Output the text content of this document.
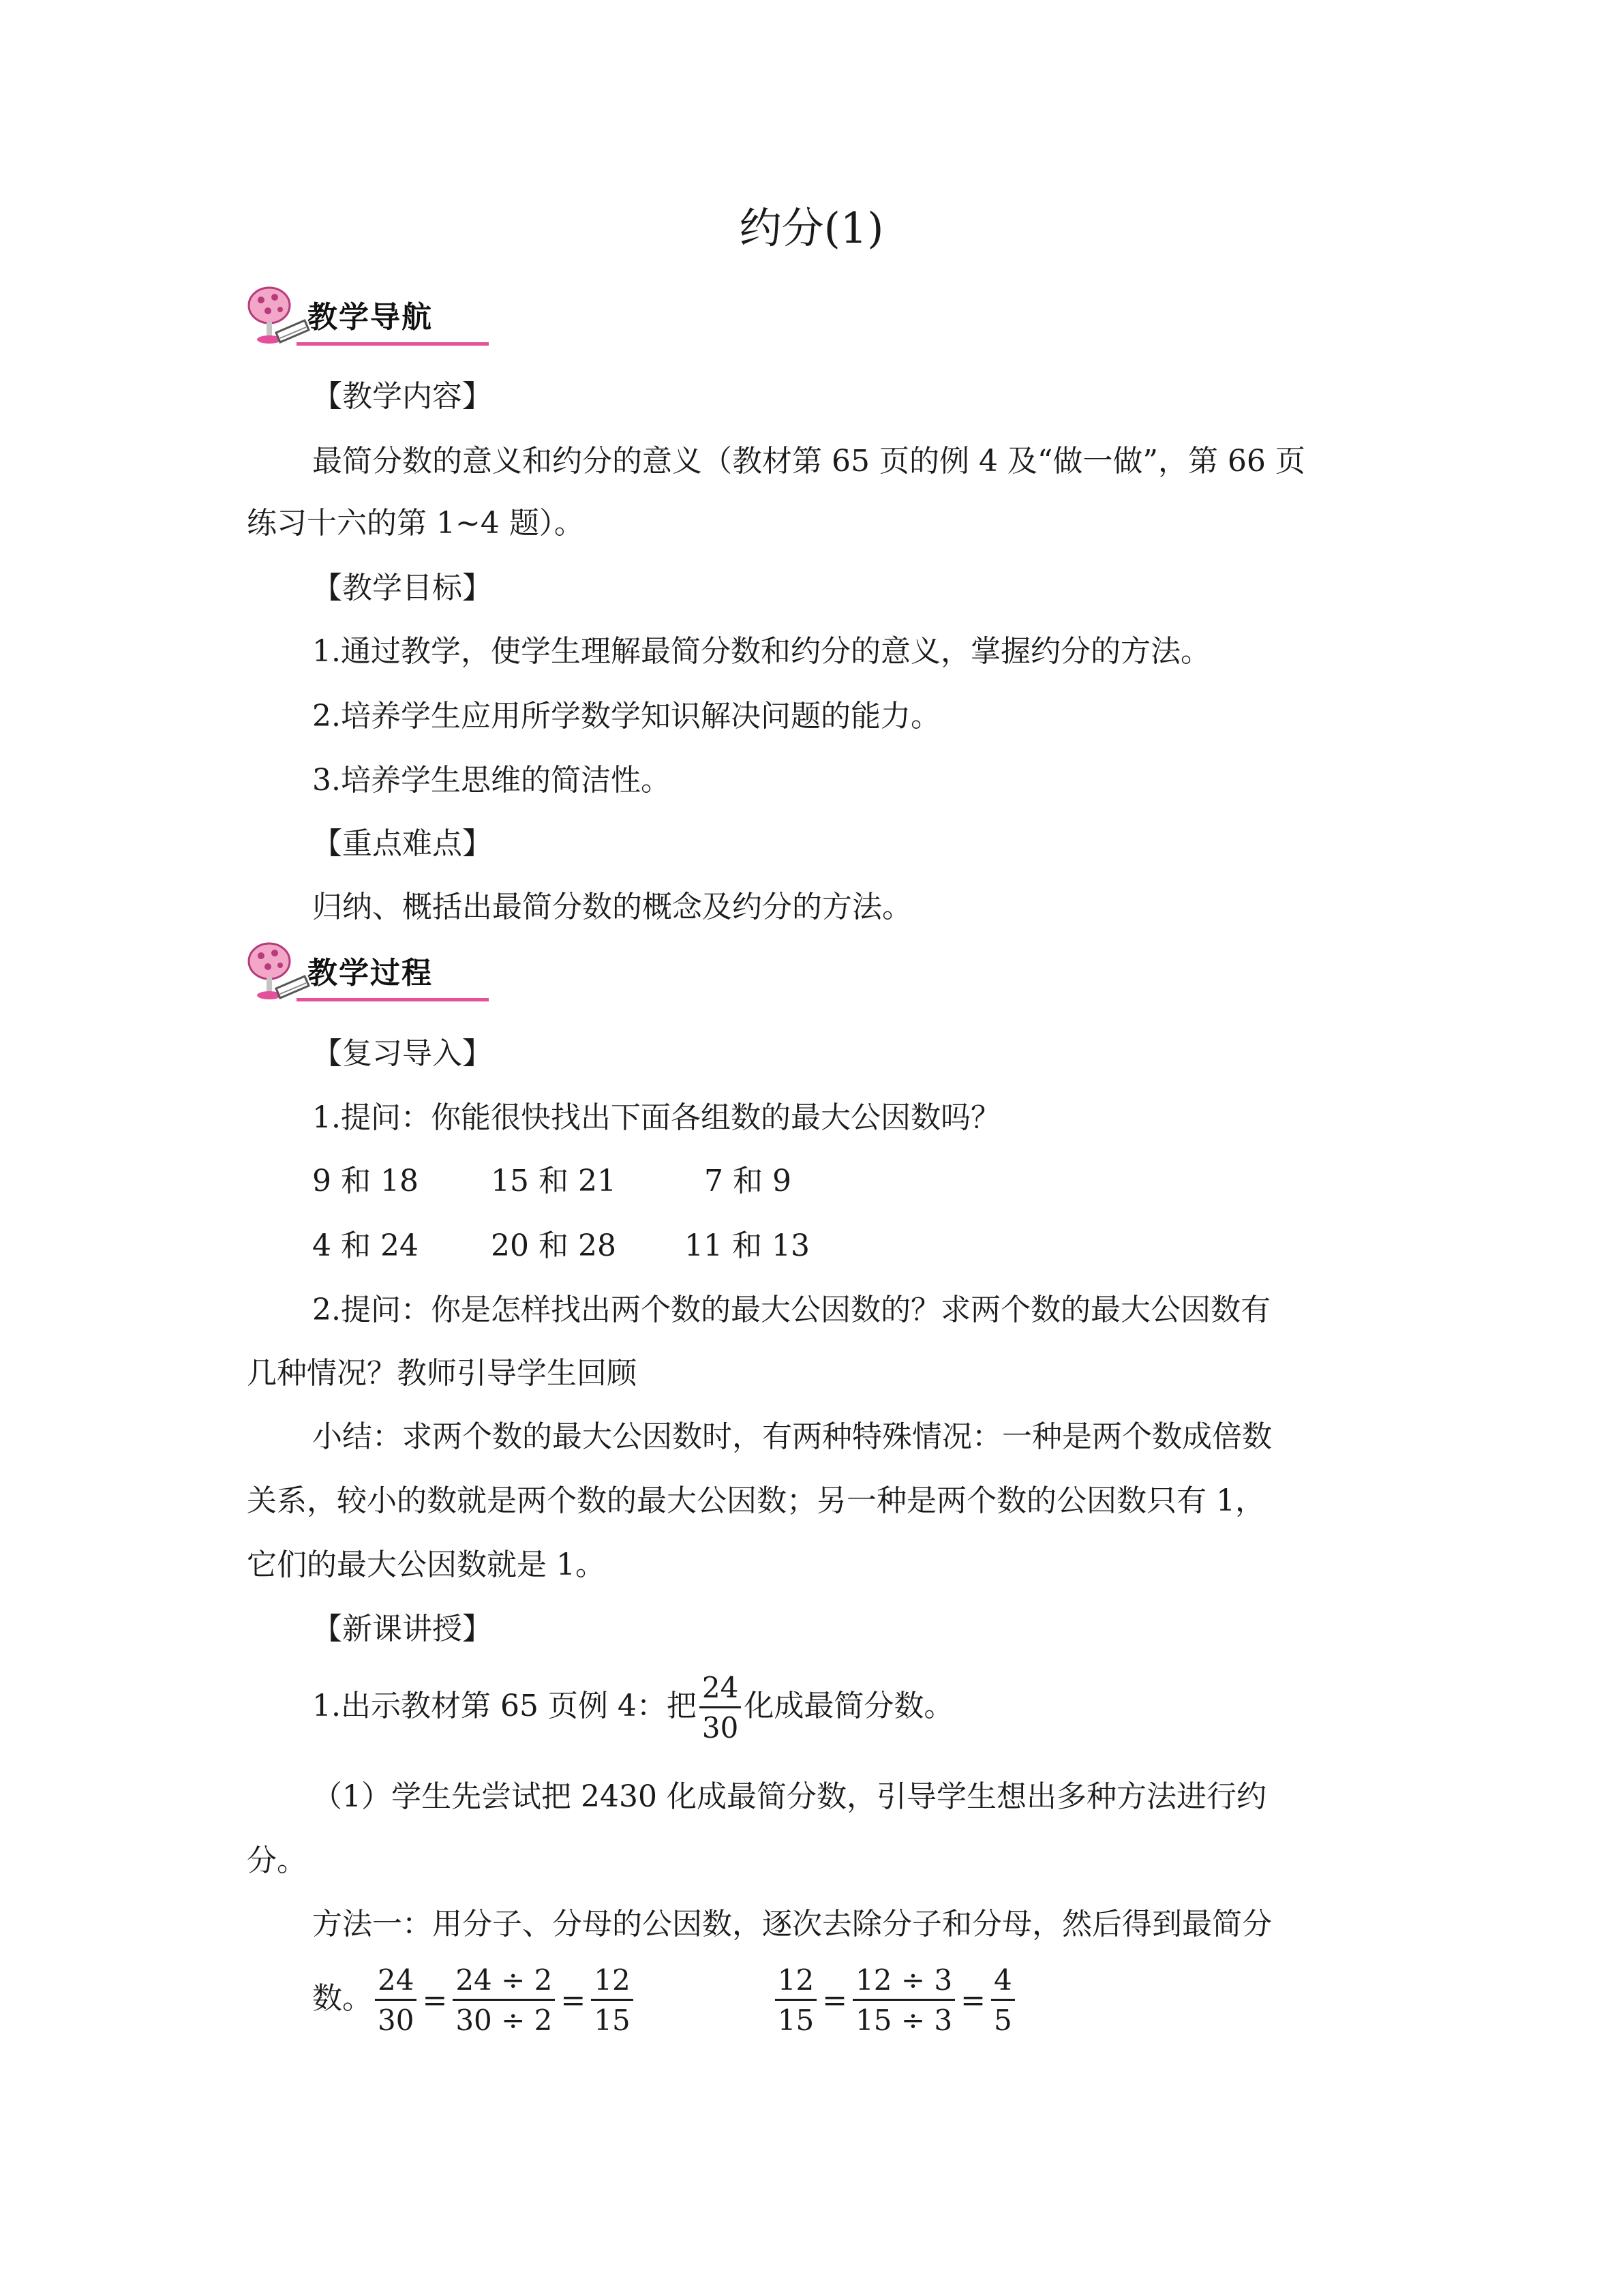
约分(1)
教学导航
【教学内容】
最简分数的意义和约分的意义（教材第 65 页的例 4 及“做一做”，第 66 页
练习十六的第 1~4 题）。
【教学目标】
1.通过教学，使学生理解最简分数和约分的意义，掌握约分的方法。
2.培养学生应用所学数学知识解决问题的能力。
3.培养学生思维的简洁性。
【重点难点】
归纳、概括出最简分数的概念及约分的方法。
教学过程
【复习导入】
1.提问：你能很快找出下面各组数的最大公因数吗？
9 和 18 15 和 21	7 和 9
4 和 24 20 和 28 11 和 13
2.提问：你是怎样找出两个数的最大公因数的？求两个数的最大公因数有
几种情况？教师引导学生回顾
小结：求两个数的最大公因数时，有两种特殊情况：一种是两个数成倍数
关系，较小的数就是两个数的最大公因数；另一种是两个数的公因数只有 1，
它们的最大公因数就是 1。
【新课讲授】
1.出示教材第 65 页例 4：把 $\frac{24}{30}$ 化成最简分数。
（1）学生先尝试把 2430 化成最简分数，引导学生想出多种方法进行约
分。
方法一：用分子、分母的公因数，逐次去除分子和分母，然后得到最简分
数。 $\frac{24}{30} = \frac{24 \div 2}{30 \div 2} = \frac{12}{15}$	$\frac{12}{15} = \frac{12 \div 3}{15 \div 3} = \frac{4}{5}$
